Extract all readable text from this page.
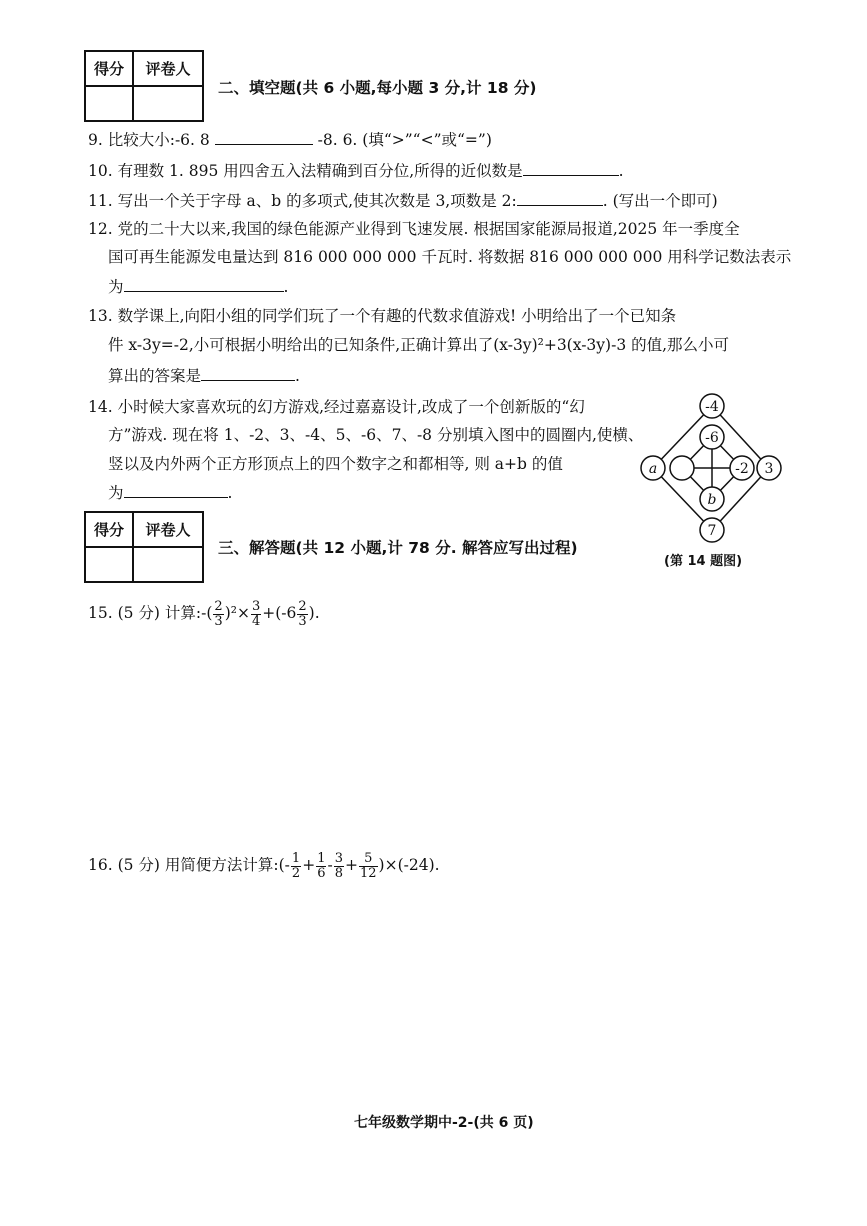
得分	评卷人

二、填空题(共 6 小题,每小题 3 分,计 18 分)
9. 比较大小:-6. 8	-8. 6. (填“>”“<”或“=”)
10. 有理数 1. 895 用四舍五入法精确到百分位,所得的近似数是	.
11. 写出一个关于字母 a、b 的多项式,使其次数是 3,项数是 2:	. (写出一个即可)
12. 党的二十大以来,我国的绿色能源产业得到飞速发展. 根据国家能源局报道,2025 年一季度全
国可再生能源发电量达到 816 000 000 000 千瓦时. 将数据 816 000 000 000 用科学记数法表示
为	.
13. 数学课上,向阳小组的同学们玩了一个有趣的代数求值游戏! 小明给出了一个已知条
件 x-3y=-2,小可根据小明给出的已知条件,正确计算出了(x-3y)²+3(x-3y)-3 的值,那么小可
算出的答案是	.
14. 小时候大家喜欢玩的幻方游戏,经过嘉嘉设计,改成了一个创新版的“幻
方”游戏. 现在将 1、-2、3、-4、5、-6、7、-8 分别填入图中的圆圈内,使横、
竖以及内外两个正方形顶点上的四个数字之和都相等, 则 a+b 的值
为	.
-4
-6
a	-2 3
b
7
(第 14 题图)
得分	评卷人

三、解答题(共 12 小题,计 78 分. 解答应写出过程)
15. (5 分) 计算:-( $\frac{2}{3} )^2\times \frac{3}{4} +(-6 \frac{2}{3}$ ).
16. (5 分) 用简便方法计算:(- $\frac{1}{2} + \frac{1}{6} - \frac{3}{8} + \frac{5}{12} )\times(-24)$.
七年级数学期中-2-(共 6 页)
